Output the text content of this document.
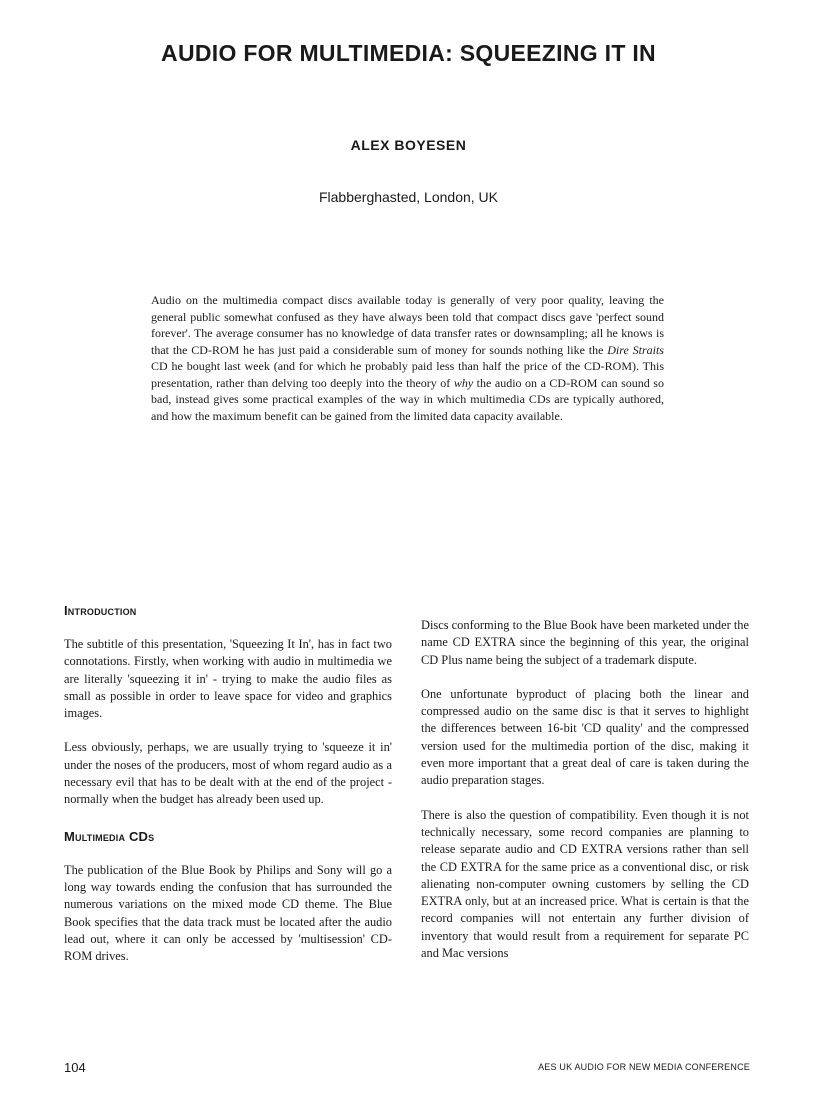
AUDIO FOR MULTIMEDIA: SQUEEZING IT IN
ALEX BOYESEN
Flabberghasted, London, UK

Audio on the multimedia compact discs available today is generally of very poor quality, leaving the general public somewhat confused as they have always been told that compact discs gave 'perfect sound forever'. The average consumer has no knowledge of data transfer rates or downsampling; all he knows is that the CD-ROM he has just paid a considerable sum of money for sounds nothing like the Dire Straits CD he bought last week (and for which he probably paid less than half the price of the CD-ROM). This presentation, rather than delving too deeply into the theory of why the audio on a CD-ROM can sound so bad, instead gives some practical examples of the way in which multimedia CDs are typically authored, and how the maximum benefit can be gained from the limited data capacity available.

Introduction

The subtitle of this presentation, 'Squeezing It In', has in fact two connotations. Firstly, when working with audio in multimedia we are literally 'squeezing it in' - trying to make the audio files as small as possible in order to leave space for video and graphics images.

Less obviously, perhaps, we are usually trying to 'squeeze it in' under the noses of the producers, most of whom regard audio as a necessary evil that has to be dealt with at the end of the project - normally when the budget has already been used up.

Multimedia CDs

The publication of the Blue Book by Philips and Sony will go a long way towards ending the confusion that has surrounded the numerous variations on the mixed mode CD theme. The Blue Book specifies that the data track must be located after the audio lead out, where it can only be accessed by 'multisession' CD-ROM drives.

Discs conforming to the Blue Book have been marketed under the name CD EXTRA since the beginning of this year, the original CD Plus name being the subject of a trademark dispute.

One unfortunate byproduct of placing both the linear and compressed audio on the same disc is that it serves to highlight the differences between 16-bit 'CD quality' and the compressed version used for the multimedia portion of the disc, making it even more important that a great deal of care is taken during the audio preparation stages.

There is also the question of compatibility. Even though it is not technically necessary, some record companies are planning to release separate audio and CD EXTRA versions rather than sell the CD EXTRA for the same price as a conventional disc, or risk alienating non-computer owning customers by selling the CD EXTRA only, but at an increased price. What is certain is that the record companies will not entertain any further division of inventory that would result from a requirement for separate PC and Mac versions

104	AES UK AUDIO FOR NEW MEDIA CONFERENCE
